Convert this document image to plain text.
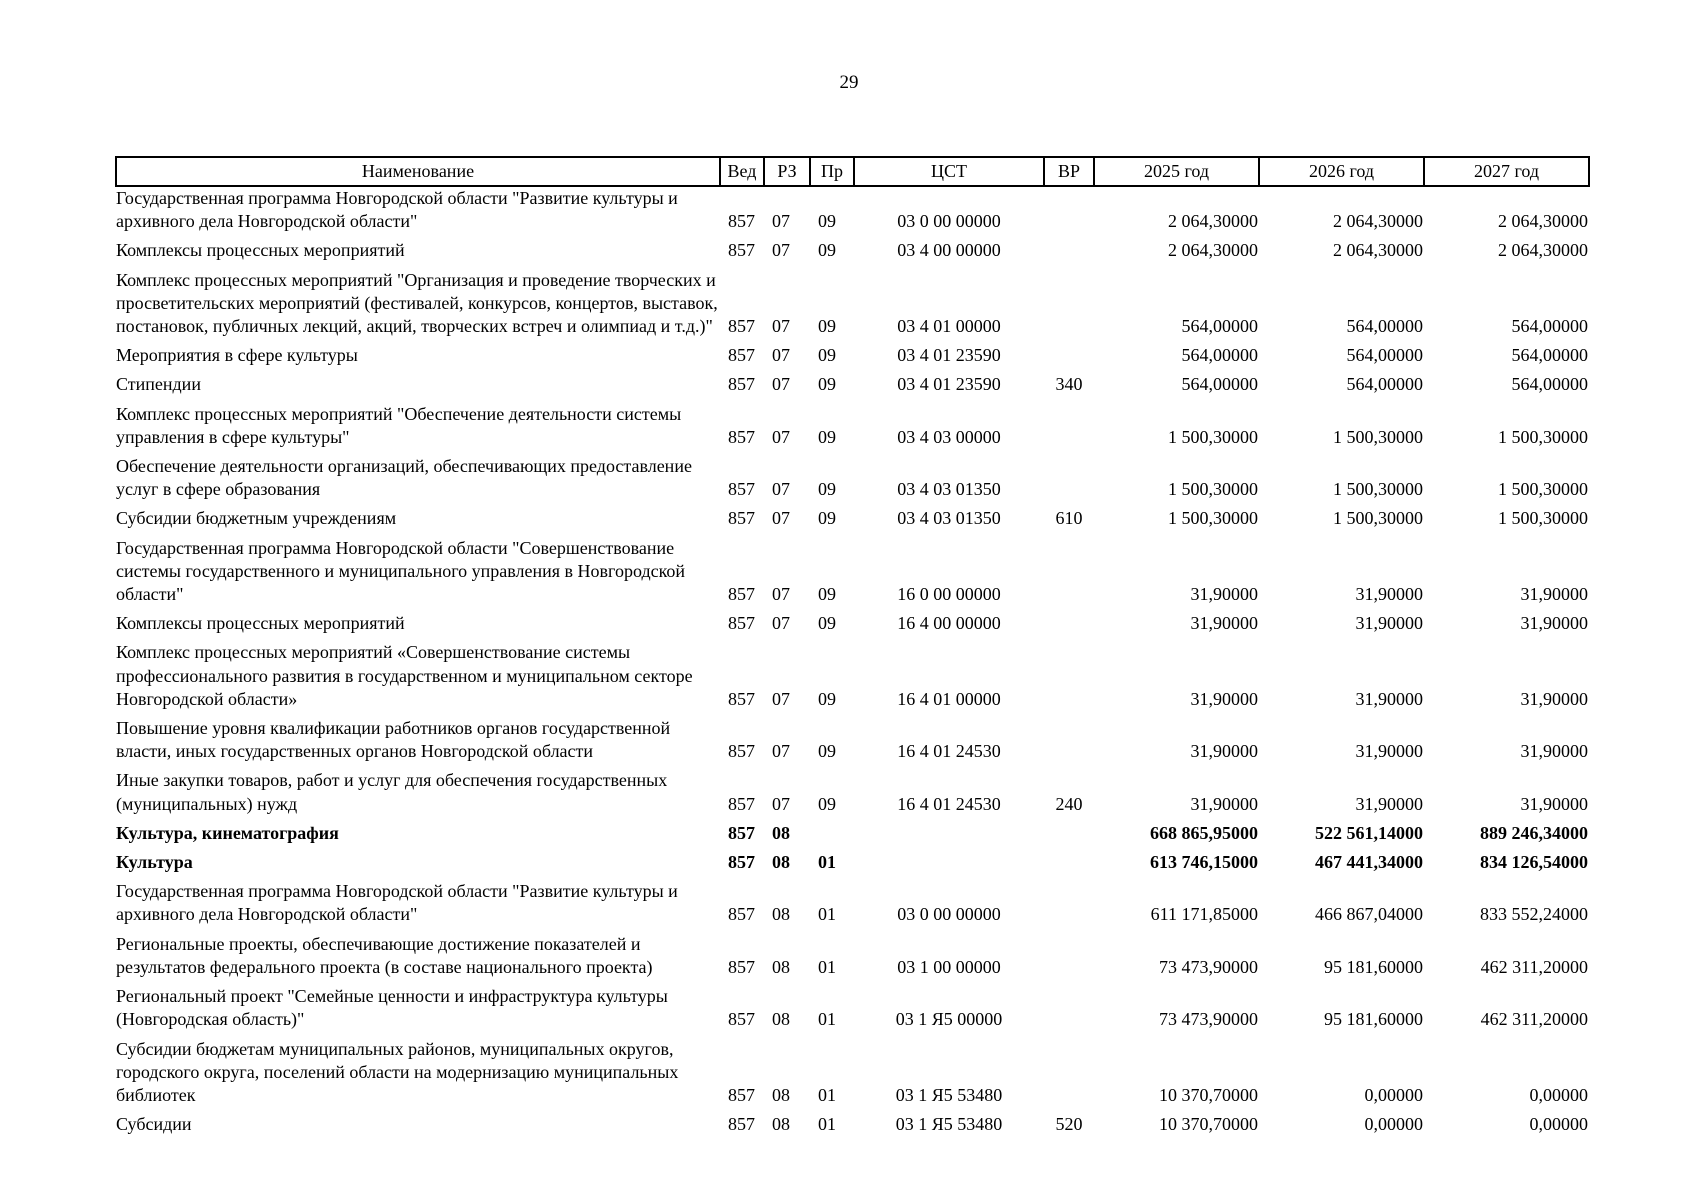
29
Наименование	Вед	РЗ	Пр	ЦСТ	ВР	2025 год	2026 год	2027 год
Государственная программа Новгородской области "Развитие культуры и архивного дела Новгородской области"	857	07	09	03 0 00 00000		2 064,30000	2 064,30000	2 064,30000
Комплексы процессных мероприятий	857	07	09	03 4 00 00000		2 064,30000	2 064,30000	2 064,30000
Комплекс процессных мероприятий "Организация и проведение творческих и просветительских мероприятий (фестивалей, конкурсов, концертов, выставок, постановок, публичных лекций, акций, творческих встреч и олимпиад и т.д.)"	857	07	09	03 4 01 00000		564,00000	564,00000	564,00000
Мероприятия в сфере культуры	857	07	09	03 4 01 23590		564,00000	564,00000	564,00000
Стипендии	857	07	09	03 4 01 23590	340	564,00000	564,00000	564,00000
Комплекс процессных мероприятий "Обеспечение деятельности системы управления в сфере культуры"	857	07	09	03 4 03 00000		1 500,30000	1 500,30000	1 500,30000
Обеспечение деятельности организаций, обеспечивающих предоставление услуг в сфере образования	857	07	09	03 4 03 01350		1 500,30000	1 500,30000	1 500,30000
Субсидии бюджетным учреждениям	857	07	09	03 4 03 01350	610	1 500,30000	1 500,30000	1 500,30000
Государственная программа Новгородской области "Совершенствование системы государственного и муниципального управления в Новгородской области"	857	07	09	16 0 00 00000		31,90000	31,90000	31,90000
Комплексы процессных мероприятий	857	07	09	16 4 00 00000		31,90000	31,90000	31,90000
Комплекс процессных мероприятий «Совершенствование системы профессионального развития в государственном и муниципальном секторе Новгородской области»	857	07	09	16 4 01 00000		31,90000	31,90000	31,90000
Повышение уровня квалификации работников органов государственной власти, иных государственных органов Новгородской области	857	07	09	16 4 01 24530		31,90000	31,90000	31,90000
Иные закупки товаров, работ и услуг для обеспечения государственных (муниципальных) нужд	857	07	09	16 4 01 24530	240	31,90000	31,90000	31,90000
Культура, кинематография	857	08				668 865,95000	522 561,14000	889 246,34000
Культура	857	08	01			613 746,15000	467 441,34000	834 126,54000
Государственная программа Новгородской области "Развитие культуры и архивного дела Новгородской области"	857	08	01	03 0 00 00000		611 171,85000	466 867,04000	833 552,24000
Региональные проекты, обеспечивающие достижение показателей и результатов федерального проекта (в составе национального проекта)	857	08	01	03 1 00 00000		73 473,90000	95 181,60000	462 311,20000
Региональный проект "Семейные ценности и инфраструктура культуры (Новгородская область)"	857	08	01	03 1 Я5 00000		73 473,90000	95 181,60000	462 311,20000
Субсидии бюджетам муниципальных районов, муниципальных округов, городского округа, поселений области на модернизацию муниципальных библиотек	857	08	01	03 1 Я5 53480		10 370,70000	0,00000	0,00000
Субсидии	857	08	01	03 1 Я5 53480	520	10 370,70000	0,00000	0,00000
